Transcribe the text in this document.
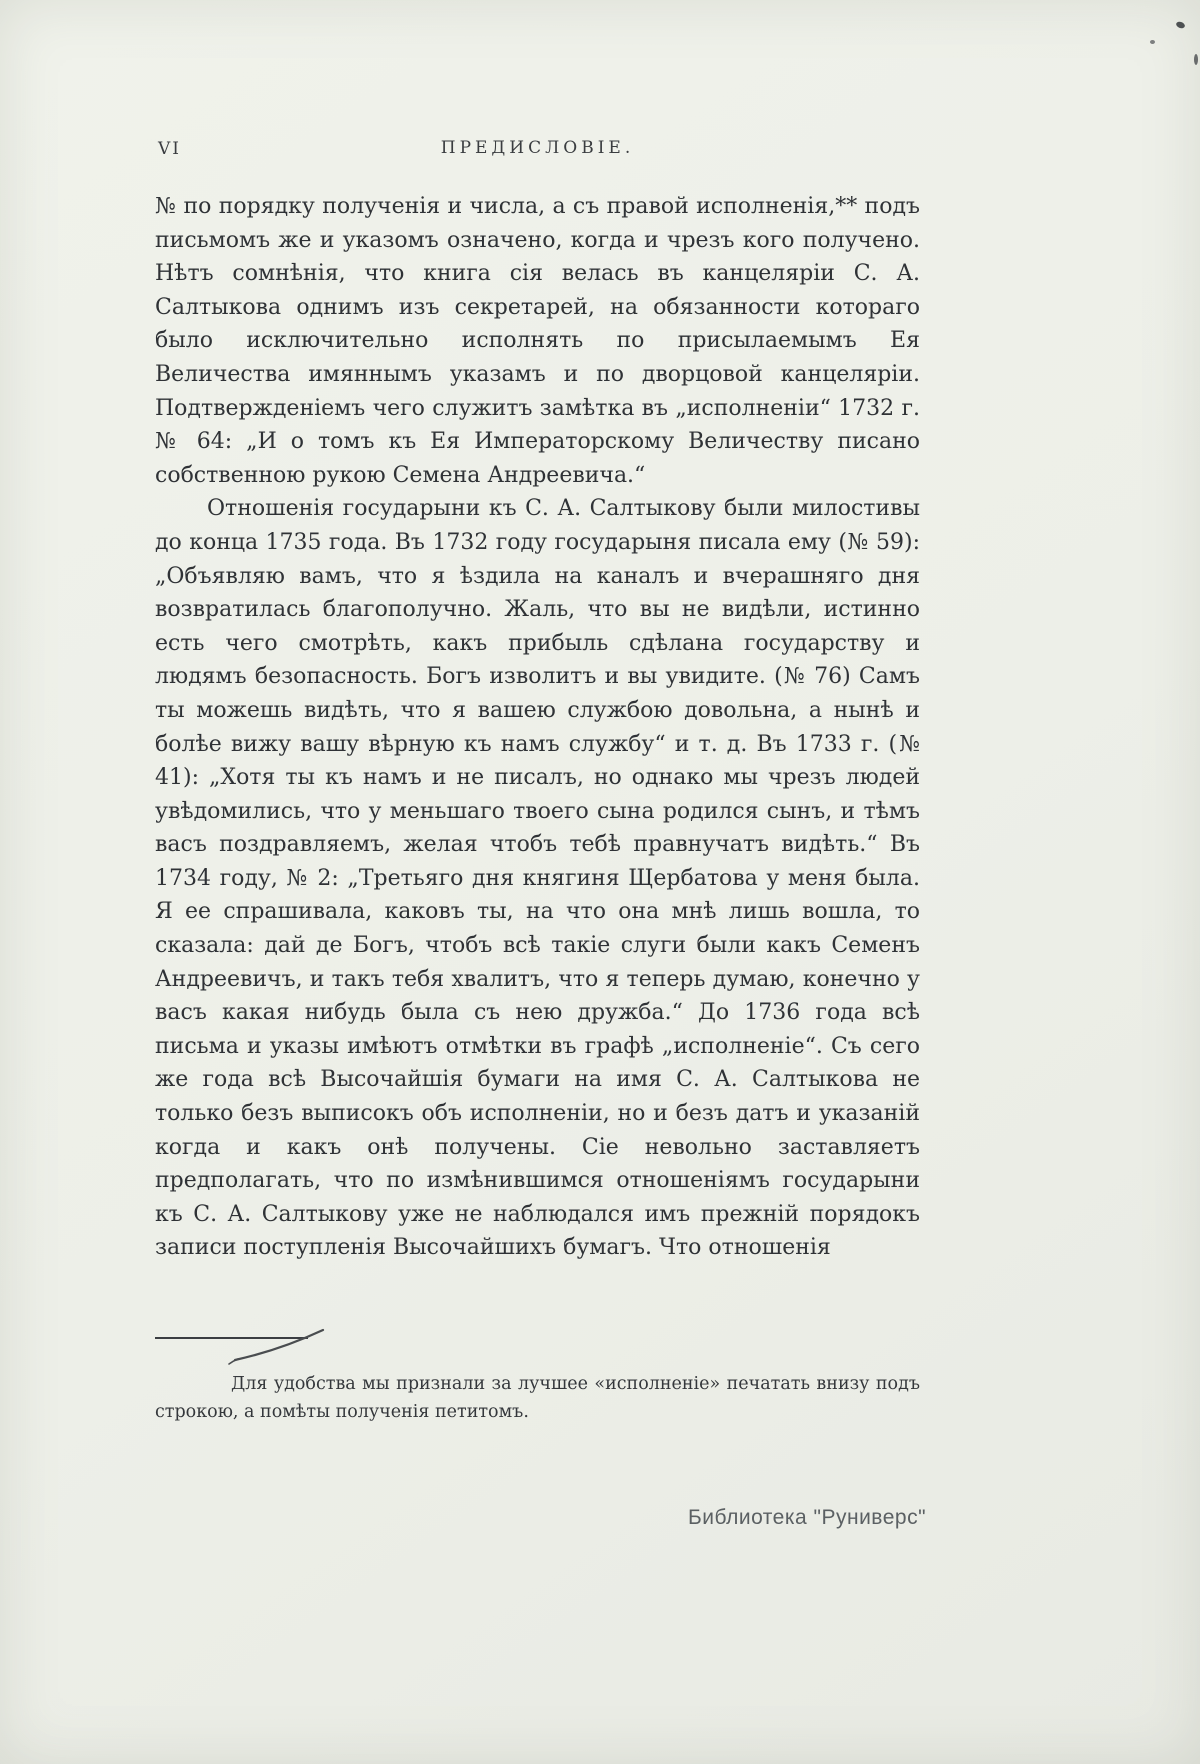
VI	ПРЕДИСЛОВІЕ.

№ по порядку полученія и числа, а съ правой исполненія,** подъ письмомъ же и указомъ означено, когда и чрезъ кого получено. Нѣтъ сомнѣнія, что книга сія велась въ канцеляріи С. А. Салтыкова однимъ изъ секретарей, на обязанности котораго было исключительно исполнять по присылаемымъ Ея Величества имяннымъ указамъ и по дворцовой канцеляріи. Подтвержденіемъ чего служитъ замѣтка въ „исполненіи“ 1732 г. № 64: „И о томъ къ Ея Императорскому Величеству писано собственною рукою Семена Андреевича.“

Отношенія государыни къ С. А. Салтыкову были милостивы до конца 1735 года. Въ 1732 году государыня писала ему (№ 59): „Объявляю вамъ, что я ѣздила на каналъ и вчерашняго дня возвратилась благополучно. Жаль, что вы не видѣли, истинно есть чего смотрѣть, какъ прибыль сдѣлана государству и людямъ безопасность. Богъ изволитъ и вы увидите. (№ 76) Самъ ты можешь видѣть, что я вашею службою довольна, а нынѣ и болѣе вижу вашу вѣрную къ намъ службу“ и т. д. Въ 1733 г. (№ 41): „Хотя ты къ намъ и не писалъ, но однако мы чрезъ людей увѣдомились, что у меньшаго твоего сына родился сынъ, и тѣмъ васъ поздравляемъ, желая чтобъ тебѣ правнучатъ видѣть.“ Въ 1734 году, № 2: „Третьяго дня княгиня Щербатова у меня была. Я ее спрашивала, каковъ ты, на что она мнѣ лишь вошла, то сказала: дай де Богъ, чтобъ всѣ такіе слуги были какъ Семенъ Андреевичъ, и такъ тебя хвалитъ, что я теперь думаю, конечно у васъ какая нибудь была съ нею дружба.“ До 1736 года всѣ письма и указы имѣютъ отмѣтки въ графѣ „исполненіе“. Съ сего же года всѣ Высочайшія бумаги на имя С. А. Салтыкова не только безъ выписокъ объ исполненіи, но и безъ датъ и указаній когда и какъ онѣ получены. Сіе невольно заставляетъ предполагать, что по измѣнившимся отношеніямъ государыни къ С. А. Салтыкову уже не наблюдался имъ прежній порядокъ записи поступленія Высочайшихъ бумагъ. Что отношенія

Для удобства мы признали за лучшее «исполненіе» печатать внизу подъ строкою, а помѣты полученія петитомъ.
Библиотека "Руниверс"
